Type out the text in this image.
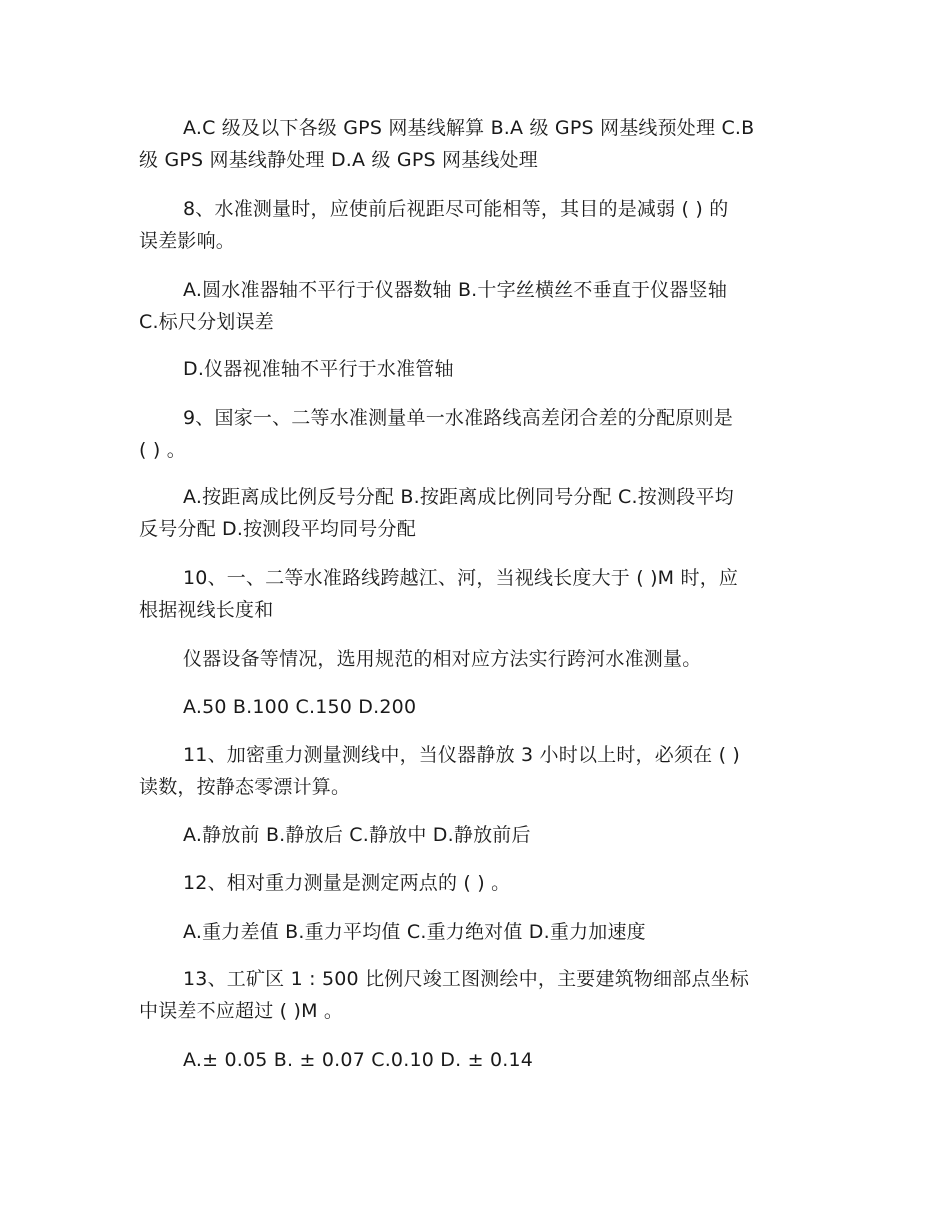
A.C 级及以下各级 GPS 网基线解算 B.A 级 GPS 网基线预处理 C.B
级 GPS 网基线静处理 D.A 级 GPS 网基线处理
8、水准测量时，应使前后视距尽可能相等，其目的是减弱 ( ) 的
误差影响。
A.圆水准器轴不平行于仪器数轴 B.十字丝横丝不垂直于仪器竖轴
C.标尺分划误差
D.仪器视准轴不平行于水准管轴
9、国家一、二等水准测量单一水准路线高差闭合差的分配原则是
( ) 。
A.按距离成比例反号分配 B.按距离成比例同号分配 C.按测段平均
反号分配 D.按测段平均同号分配
10、一、二等水准路线跨越江、河，当视线长度大于 ( )M 时，应
根据视线长度和
仪器设备等情况，选用规范的相对应方法实行跨河水准测量。
A.50 B.100 C.150 D.200
11、加密重力测量测线中，当仪器静放 3 小时以上时，必须在 ( )
读数，按静态零漂计算。
A.静放前 B.静放后 C.静放中 D.静放前后
12、相对重力测量是测定两点的 ( ) 。
A.重力差值 B.重力平均值 C.重力绝对值 D.重力加速度
13、工矿区 1 : 500 比例尺竣工图测绘中，主要建筑物细部点坐标
中误差不应超过 ( )M 。
A.± 0.05 B. ± 0.07 C.0.10 D. ± 0.14
